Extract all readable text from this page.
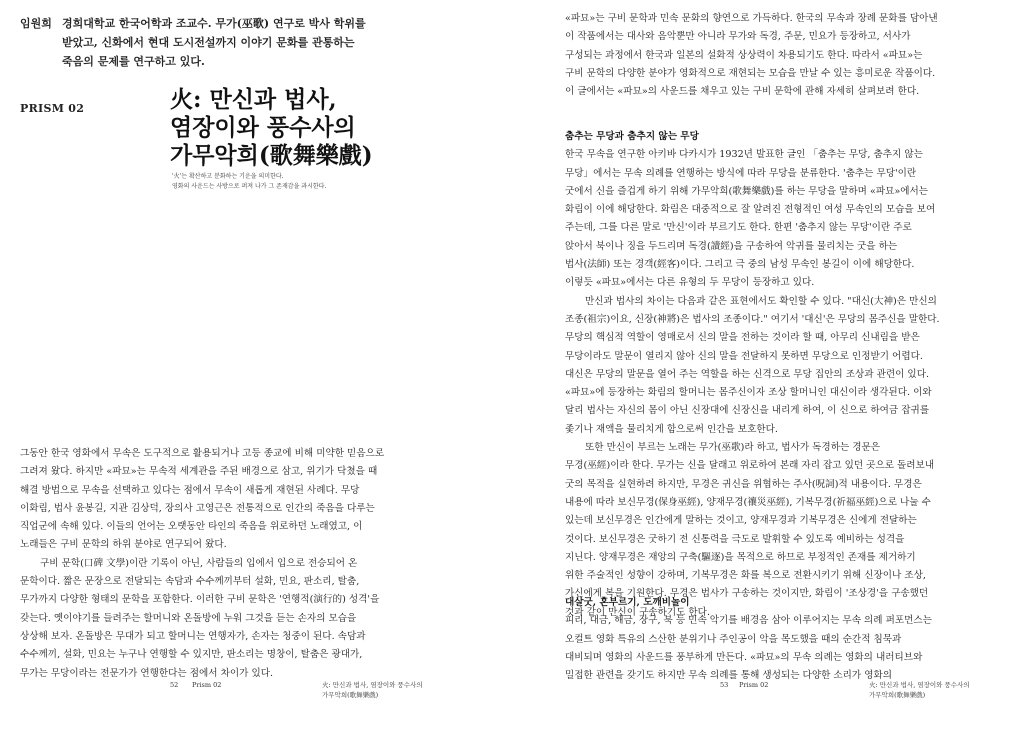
임원희 경희대학교 한국어학과 조교수. 무가(巫歌) 연구로 박사 학위를
받았고, 신화에서 현대 도시전설까지 이야기 문화를 관통하는
죽음의 문제를 연구하고 있다.
PRISM 02	火: 만신과 법사,
염장이와 풍수사의
가무악희(歌舞樂戲)
'火'는 확산하고 분화하는 기운을 의미한다.
영화의 사운드는 사방으로 퍼져 나가 그 존재감을 과시한다.
그동안 한국 영화에서 무속은 도구적으로 활용되거나 고등 종교에 비해 미약한 믿음으로
그려져 왔다. 하지만 «파묘»는 무속적 세계관을 주된 배경으로 삼고, 위기가 닥쳤을 때
해결 방법으로 무속을 선택하고 있다는 점에서 무속이 새롭게 재현된 사례다. 무당
이화림, 법사 윤봉길, 지관 김상덕, 장의사 고영근은 전통적으로 인간의 죽음을 다루는
직업군에 속해 있다. 이들의 언어는 오랫동안 타인의 죽음을 위로하던 노래였고, 이
노래들은 구비 문학의 하위 분야로 연구되어 왔다.
구비 문학(口碑 文學)이란 기록이 아닌, 사람들의 입에서 입으로 전승되어 온
문학이다. 짧은 문장으로 전달되는 속담과 수수께끼부터 설화, 민요, 판소리, 탈춤,
무가까지 다양한 형태의 문학을 포함한다. 이러한 구비 문학은 '연행적(演行的) 성격'을
갖는다. 옛이야기를 들려주는 할머니와 온돌방에 누워 그것을 듣는 손자의 모습을
상상해 보자. 온돌방은 무대가 되고 할머니는 연행자가, 손자는 청중이 된다. 속담과
수수께끼, 설화, 민요는 누구나 연행할 수 있지만, 판소리는 명창이, 탈춤은 광대가,
무가는 무당이라는 전문가가 연행한다는 점에서 차이가 있다.
52 Prism 02	火: 만신과 법사, 염장이와 풍수사의
가무악희(歌舞樂戲)
«파묘»는 구비 문학과 민속 문화의 향연으로 가득하다. 한국의 무속과 장례 문화를 담아낸
이 작품에서는 대사와 음악뿐만 아니라 무가와 독경, 주문, 민요가 등장하고, 서사가
구성되는 과정에서 한국과 일본의 설화적 상상력이 차용되기도 한다. 따라서 «파묘»는
구비 문학의 다양한 분야가 영화적으로 재현되는 모습을 만날 수 있는 흥미로운 작품이다.
이 글에서는 «파묘»의 사운드를 채우고 있는 구비 문학에 관해 자세히 살펴보려 한다.
춤추는 무당과 춤추지 않는 무당
한국 무속을 연구한 아키바 다카시가 1932년 발표한 글인 「춤추는 무당, 춤추지 않는
무당」에서는 무속 의례를 연행하는 방식에 따라 무당을 분류한다. '춤추는 무당'이란
굿에서 신을 즐겁게 하기 위해 가무악희(歌舞樂戲)를 하는 무당을 말하며 «파묘»에서는
화림이 이에 해당한다. 화림은 대중적으로 잘 알려진 전형적인 여성 무속인의 모습을 보여
주는데, 그를 다른 말로 '만신'이라 부르기도 한다. 한편 '춤추지 않는 무당'이란 주로
앉아서 북이나 징을 두드리며 독경(讀經)을 구송하여 악귀를 물리치는 굿을 하는
법사(法師) 또는 경객(經客)이다. 그리고 극 중의 남성 무속인 봉길이 이에 해당한다.
이렇듯 «파묘»에서는 다른 유형의 두 무당이 등장하고 있다.
만신과 법사의 차이는 다음과 같은 표현에서도 확인할 수 있다. "대신(大神)은 만신의
조종(祖宗)이요, 신장(神將)은 법사의 조종이다." 여기서 '대신'은 무당의 몸주신을 말한다.
무당의 핵심적 역할이 영매로서 신의 말을 전하는 것이라 할 때, 아무리 신내림을 받은
무당이라도 말문이 열리지 않아 신의 말을 전달하지 못하면 무당으로 인정받기 어렵다.
대신은 무당의 말문을 열어 주는 역할을 하는 신격으로 무당 집안의 조상과 관련이 있다.
«파묘»에 등장하는 화림의 할머니는 몸주신이자 조상 할머니인 대신이라 생각된다. 이와
달리 법사는 자신의 몸이 아닌 신장대에 신장신을 내리게 하여, 이 신으로 하여금 잡귀를
좇기나 재액을 물리치게 함으로써 인간을 보호한다.
또한 만신이 부르는 노래는 무가(巫歌)라 하고, 법사가 독경하는 경문은
무경(巫經)이라 한다. 무가는 신을 달래고 위로하여 본래 자리 잡고 있던 곳으로 돌려보내
굿의 목적을 실현하려 하지만, 무경은 귀신을 위협하는 주사(呪詞)적 내용이다. 무경은
내용에 따라 보신무경(保身巫經), 양재무경(禳災巫經), 기복무경(祈福巫經)으로 나눌 수
있는데 보신무경은 인간에게 말하는 것이고, 양재무경과 기복무경은 신에게 전달하는
것이다. 보신무경은 굿하기 전 신통력을 극도로 발휘할 수 있도록 예비하는 성격을
지닌다. 양재무경은 재앙의 구축(驅逐)을 목적으로 하므로 부정적인 존재를 제거하기
위한 주술적인 성향이 강하며, 기복무경은 화를 복으로 전환시키기 위해 신장이나 조상,
가신에게 복을 기원한다. 무경은 법사가 구송하는 것이지만, 화림이 '조상경'을 구송했던
것과 같이 만신이 구송하기도 한다.
대살굿, 혼부르기, 도깨비놀이
피리, 대금, 해금, 장구, 북 등 민속 악기를 배경음 삼아 이루어지는 무속 의례 퍼포먼스는
오컬트 영화 특유의 스산한 분위기나 주인공이 악을 목도했을 때의 순간적 침묵과
대비되며 영화의 사운드를 풍부하게 만든다. «파묘»의 무속 의례는 영화의 내러티브와
밀접한 관련을 갖기도 하지만 무속 의례를 통해 생성되는 다양한 소리가 영화의
53 Prism 02	火: 만신과 법사, 염장이와 풍수사의
가무악희(歌舞樂戲)
